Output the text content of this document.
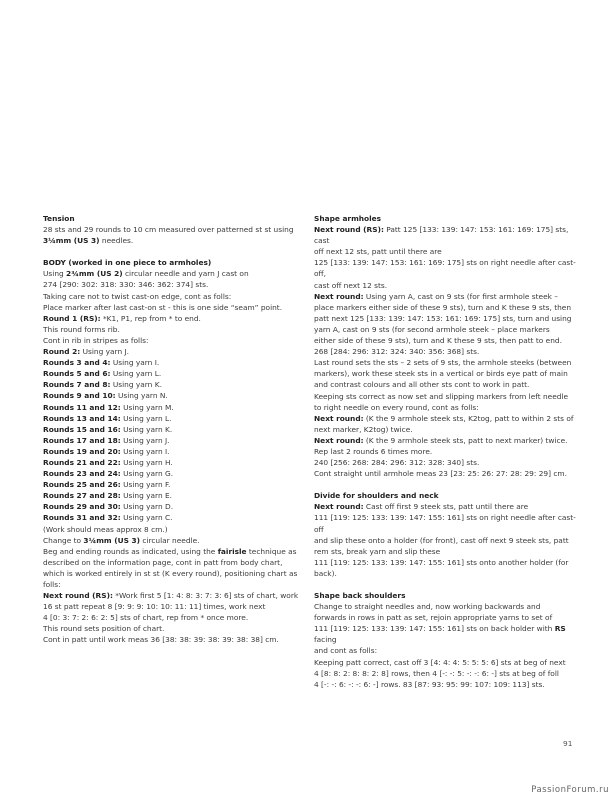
Tension

28 sts and 29 rounds to 10 cm measured over patterned st st using

3¼mm (US 3) needles.

BODY (worked in one piece to armholes)

Using 2¾mm (US 2) circular needle and yarn J cast on

274 [290: 302: 318: 330: 346: 362: 374] sts.

Taking care not to twist cast-on edge, cont as folls:

Place marker after last cast-on st - this is one side “seam” point.

Round 1 (RS): *K1, P1, rep from * to end.

This round forms rib.

Cont in rib in stripes as folls:

Round 2: Using yarn J.

Rounds 3 and 4: Using yarn I.

Rounds 5 and 6: Using yarn L.

Rounds 7 and 8: Using yarn K.

Rounds 9 and 10: Using yarn N.

Rounds 11 and 12: Using yarn M.

Rounds 13 and 14: Using yarn L.

Rounds 15 and 16: Using yarn K.

Rounds 17 and 18: Using yarn J.

Rounds 19 and 20: Using yarn I.

Rounds 21 and 22: Using yarn H.

Rounds 23 and 24: Using yarn G.

Rounds 25 and 26: Using yarn F.

Rounds 27 and 28: Using yarn E.

Rounds 29 and 30: Using yarn D.

Rounds 31 and 32: Using yarn C.

(Work should meas approx 8 cm.)

Change to 3¼mm (US 3) circular needle.

Beg and ending rounds as indicated, using the fairisle technique as

described on the information page, cont in patt from body chart,

which is worked entirely in st st (K every round), positioning chart as

folls:

Next round (RS): *Work first 5 [1: 4: 8: 3: 7: 3: 6] sts of chart, work

16 st patt repeat 8 [9: 9: 9: 10: 10: 11: 11] times, work next

4 [0: 3: 7: 2: 6: 2: 5] sts of chart, rep from * once more.

This round sets position of chart.

Cont in patt until work meas 36 [38: 38: 39: 38: 39: 38: 38] cm.

Shape armholes

Next round (RS): Patt 125 [133: 139: 147: 153: 161: 169: 175] sts, cast

off next 12 sts, patt until there are

125 [133: 139: 147: 153: 161: 169: 175] sts on right needle after cast-off,

cast off next 12 sts.

Next round: Using yarn A, cast on 9 sts (for first armhole steek –

place markers either side of these 9 sts), turn and K these 9 sts, then

patt next 125 [133: 139: 147: 153: 161: 169: 175] sts, turn and using

yarn A, cast on 9 sts (for second armhole steek – place markers

either side of these 9 sts), turn and K these 9 sts, then patt to end.

268 [284: 296: 312: 324: 340: 356: 368] sts.

Last round sets the sts – 2 sets of 9 sts, the armhole steeks (between

markers), work these steek sts in a vertical or birds eye patt of main

and contrast colours and all other sts cont to work in patt.

Keeping sts correct as now set and slipping markers from left needle

to right needle on every round, cont as folls:

Next round: (K the 9 armhole steek sts, K2tog, patt to within 2 sts of

next marker, K2tog) twice.

Next round: (K the 9 armhole steek sts, patt to next marker) twice.

Rep last 2 rounds 6 times more.

240 [256: 268: 284: 296: 312: 328: 340] sts.

Cont straight until armhole meas 23 [23: 25: 26: 27: 28: 29: 29] cm.

Divide for shoulders and neck

Next round: Cast off first 9 steek sts, patt until there are

111 [119: 125: 133: 139: 147: 155: 161] sts on right needle after cast-off

and slip these onto a holder (for front), cast off next 9 steek sts, patt

rem sts, break yarn and slip these

111 [119: 125: 133: 139: 147: 155: 161] sts onto another holder (for

back).

Shape back shoulders

Change to straight needles and, now working backwards and

forwards in rows in patt as set, rejoin appropriate yarns to set of

111 [119: 125: 133: 139: 147: 155: 161] sts on back holder with RS facing

and cont as folls:

Keeping patt correct, cast off 3 [4: 4: 4: 5: 5: 5: 6] sts at beg of next

4 [8: 8: 2: 8: 8: 2: 8] rows, then 4 [-: -: 5: -: -: 6: -] sts at beg of foll

4 [-: -: 6: -: -: 6: -] rows. 83 [87: 93: 95: 99: 107: 109: 113] sts.

91
PassionForum.ru
